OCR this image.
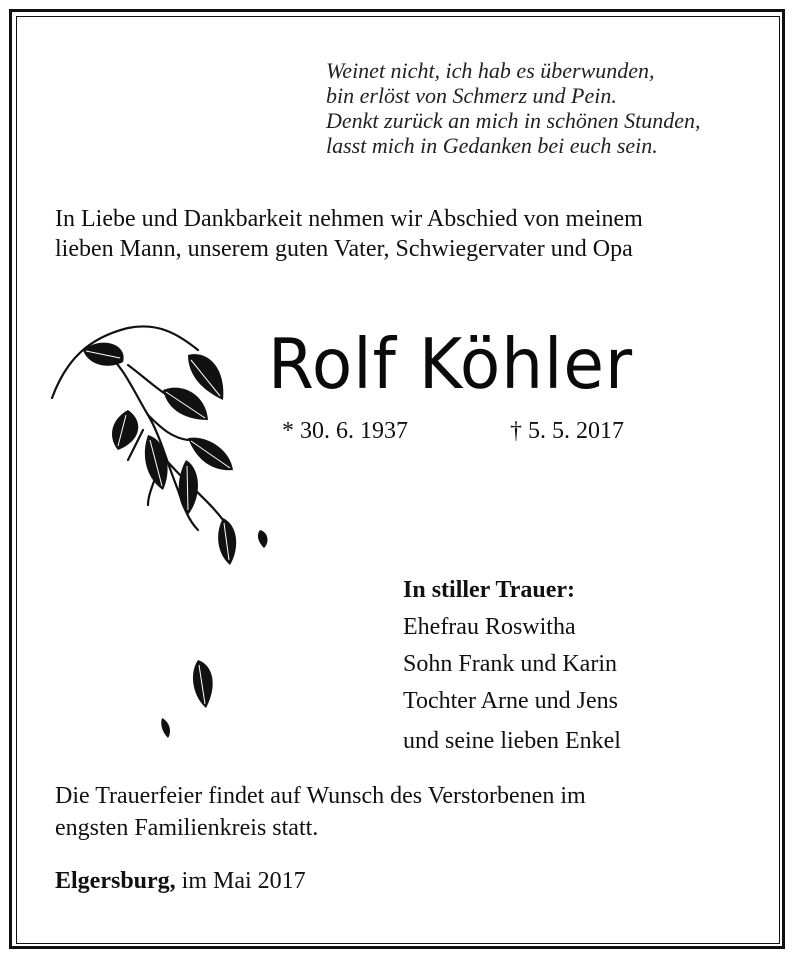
Weinet nicht, ich hab es überwunden,
bin erlöst von Schmerz und Pein.
Denkt zurück an mich in schönen Stunden,
lasst mich in Gedanken bei euch sein.
In Liebe und Dankbarkeit nehmen wir Abschied von meinem
lieben Mann, unserem guten Vater, Schwiegervater und Opa
Rolf Köhler
* 30. 6. 1937	† 5. 5. 2017
In stiller Trauer:
Ehefrau Roswitha
Sohn Frank und Karin
Tochter Arne und Jens
und seine lieben Enkel
Die Trauerfeier findet auf Wunsch des Verstorbenen im
engsten Familienkreis statt.
Elgersburg, im Mai 2017
